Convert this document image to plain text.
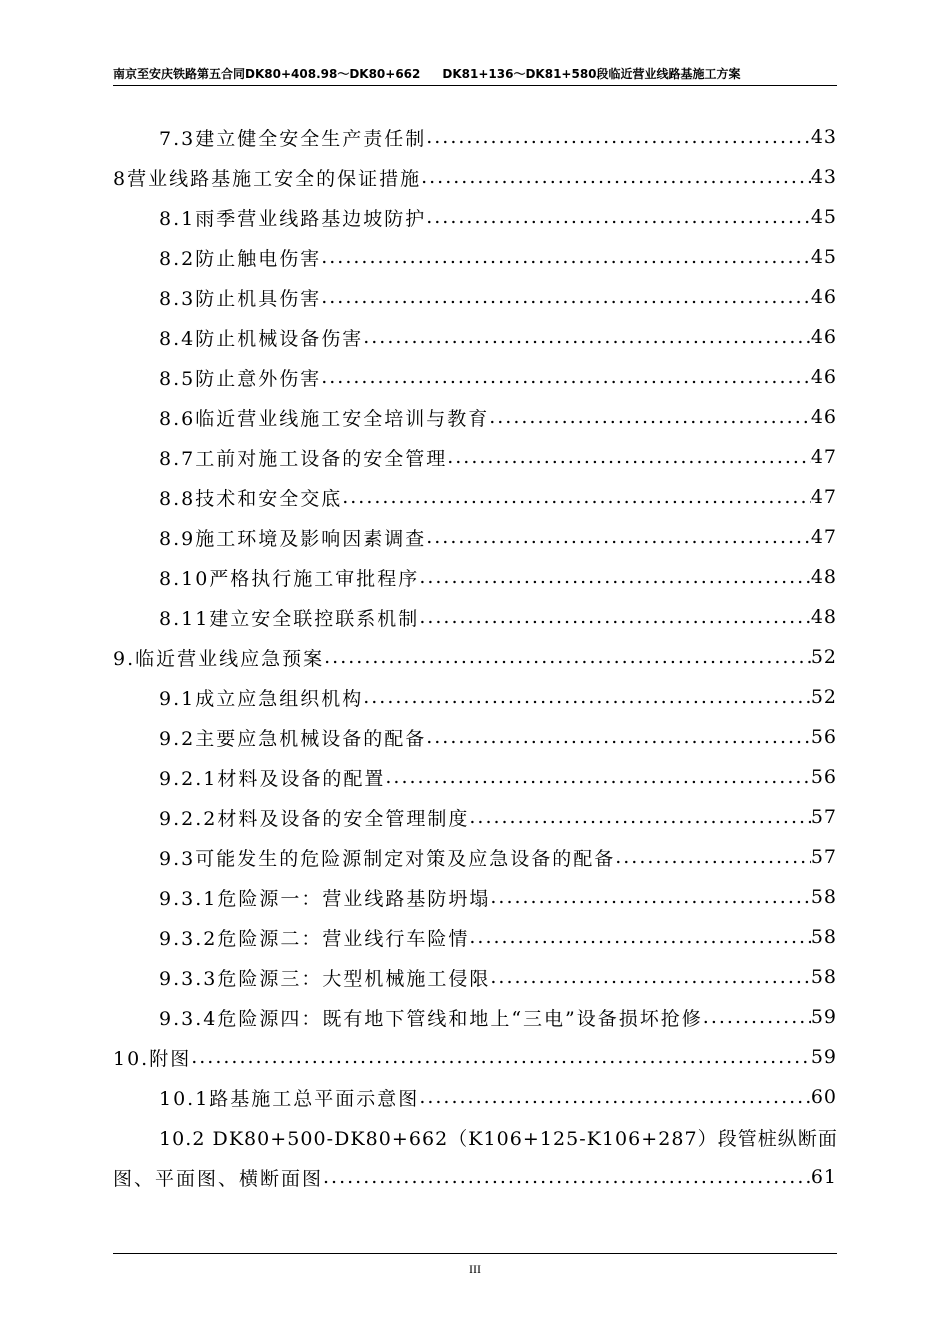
南京至安庆铁路第五合同DK80+408.98～DK80+662 DK81+136～DK81+580段临近营业线路基施工方案
7.3建立健全安全生产责任制 .....	43
8营业线路基施工安全的保证措施 .....	43
8.1雨季营业线路基边坡防护 .....	45
8.2防止触电伤害 .....	45
8.3防止机具伤害 .....	46
8.4防止机械设备伤害 .....	46
8.5防止意外伤害 .....	46
8.6临近营业线施工安全培训与教育 .....	46
8.7工前对施工设备的安全管理 .....	47
8.8技术和安全交底 .....	47
8.9施工环境及影响因素调查 .....	47
8.10严格执行施工审批程序 .....	48
8.11建立安全联控联系机制 .....	48
9.临近营业线应急预案 .....	52
9.1成立应急组织机构 .....	52
9.2主要应急机械设备的配备 .....	56
9.2.1材料及设备的配置 .....	56
9.2.2材料及设备的安全管理制度 .....	57
9.3可能发生的危险源制定对策及应急设备的配备 .....	57
9.3.1危险源一：营业线路基防坍塌 .....	58
9.3.2危险源二：营业线行车险情 .....	58
9.3.3危险源三：大型机械施工侵限 .....	58
9.3.4危险源四：既有地下管线和地上“三电”设备损坏抢修 .....	59
10.附图 .....	59
10.1路基施工总平面示意图 .....	60
10.2 DK80+500-DK80+662（K106+125-K106+287）段管桩纵断面
图、平面图、横断面图 .....	61
III
